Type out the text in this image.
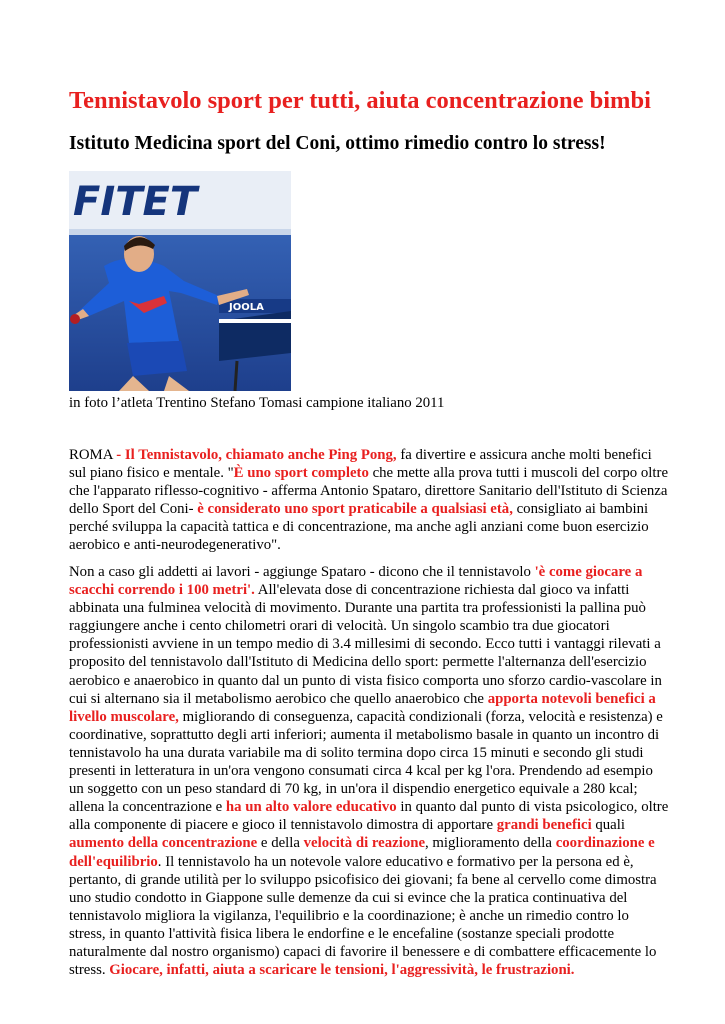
Tennistavolo sport per tutti, aiuta concentrazione bimbi
Istituto Medicina sport del Coni, ottimo rimedio contro lo stress!
FITET
JOOLA
in foto l’atleta Trentino Stefano Tomasi campione italiano 2011

ROMA - Il Tennistavolo, chiamato anche Ping Pong, fa divertire e assicura anche molti benefici sul piano fisico e mentale. "È uno sport completo che mette alla prova tutti i muscoli del corpo oltre che l'apparato riflesso-cognitivo - afferma Antonio Spataro, direttore Sanitario dell'Istituto di Scienza dello Sport del Coni- è considerato uno sport praticabile a qualsiasi età, consigliato ai bambini perché sviluppa la capacità tattica e di concentrazione, ma anche agli anziani come buon esercizio aerobico e anti-neurodegenerativo".

Non a caso gli addetti ai lavori - aggiunge Spataro - dicono che il tennistavolo 'è come giocare a scacchi correndo i 100 metri'. All'elevata dose di concentrazione richiesta dal gioco va infatti abbinata una fulminea velocità di movimento. Durante una partita tra professionisti la pallina può raggiungere anche i cento chilometri orari di velocità. Un singolo scambio tra due giocatori professionisti avviene in un tempo medio di 3.4 millesimi di secondo. Ecco tutti i vantaggi rilevati a proposito del tennistavolo dall'Istituto di Medicina dello sport: permette l'alternanza dell'esercizio aerobico e anaerobico in quanto dal un punto di vista fisico comporta uno sforzo cardio-vascolare in cui si alternano sia il metabolismo aerobico che quello anaerobico che apporta notevoli benefici a livello muscolare, migliorando di conseguenza, capacità condizionali (forza, velocità e resistenza) e coordinative, soprattutto degli arti inferiori; aumenta il metabolismo basale in quanto un incontro di tennistavolo ha una durata variabile ma di solito termina dopo circa 15 minuti e secondo gli studi presenti in letteratura in un'ora vengono consumati circa 4 kcal per kg l'ora. Prendendo ad esempio un soggetto con un peso standard di 70 kg, in un'ora il dispendio energetico equivale a 280 kcal; allena la concentrazione e ha un alto valore educativo in quanto dal punto di vista psicologico, oltre alla componente di piacere e gioco il tennistavolo dimostra di apportare grandi benefici quali aumento della concentrazione e della velocità di reazione, miglioramento della coordinazione e dell'equilibrio. Il tennistavolo ha un notevole valore educativo e formativo per la persona ed è, pertanto, di grande utilità per lo sviluppo psicofisico dei giovani; fa bene al cervello come dimostra uno studio condotto in Giappone sulle demenze da cui si evince che la pratica continuativa del tennistavolo migliora la vigilanza, l'equilibrio e la coordinazione; è anche un rimedio contro lo stress, in quanto l'attività fisica libera le endorfine e le encefaline (sostanze speciali prodotte naturalmente dal nostro organismo) capaci di favorire il benessere e di combattere efficacemente lo stress. Giocare, infatti, aiuta a scaricare le tensioni, l'aggressività, le frustrazioni.
